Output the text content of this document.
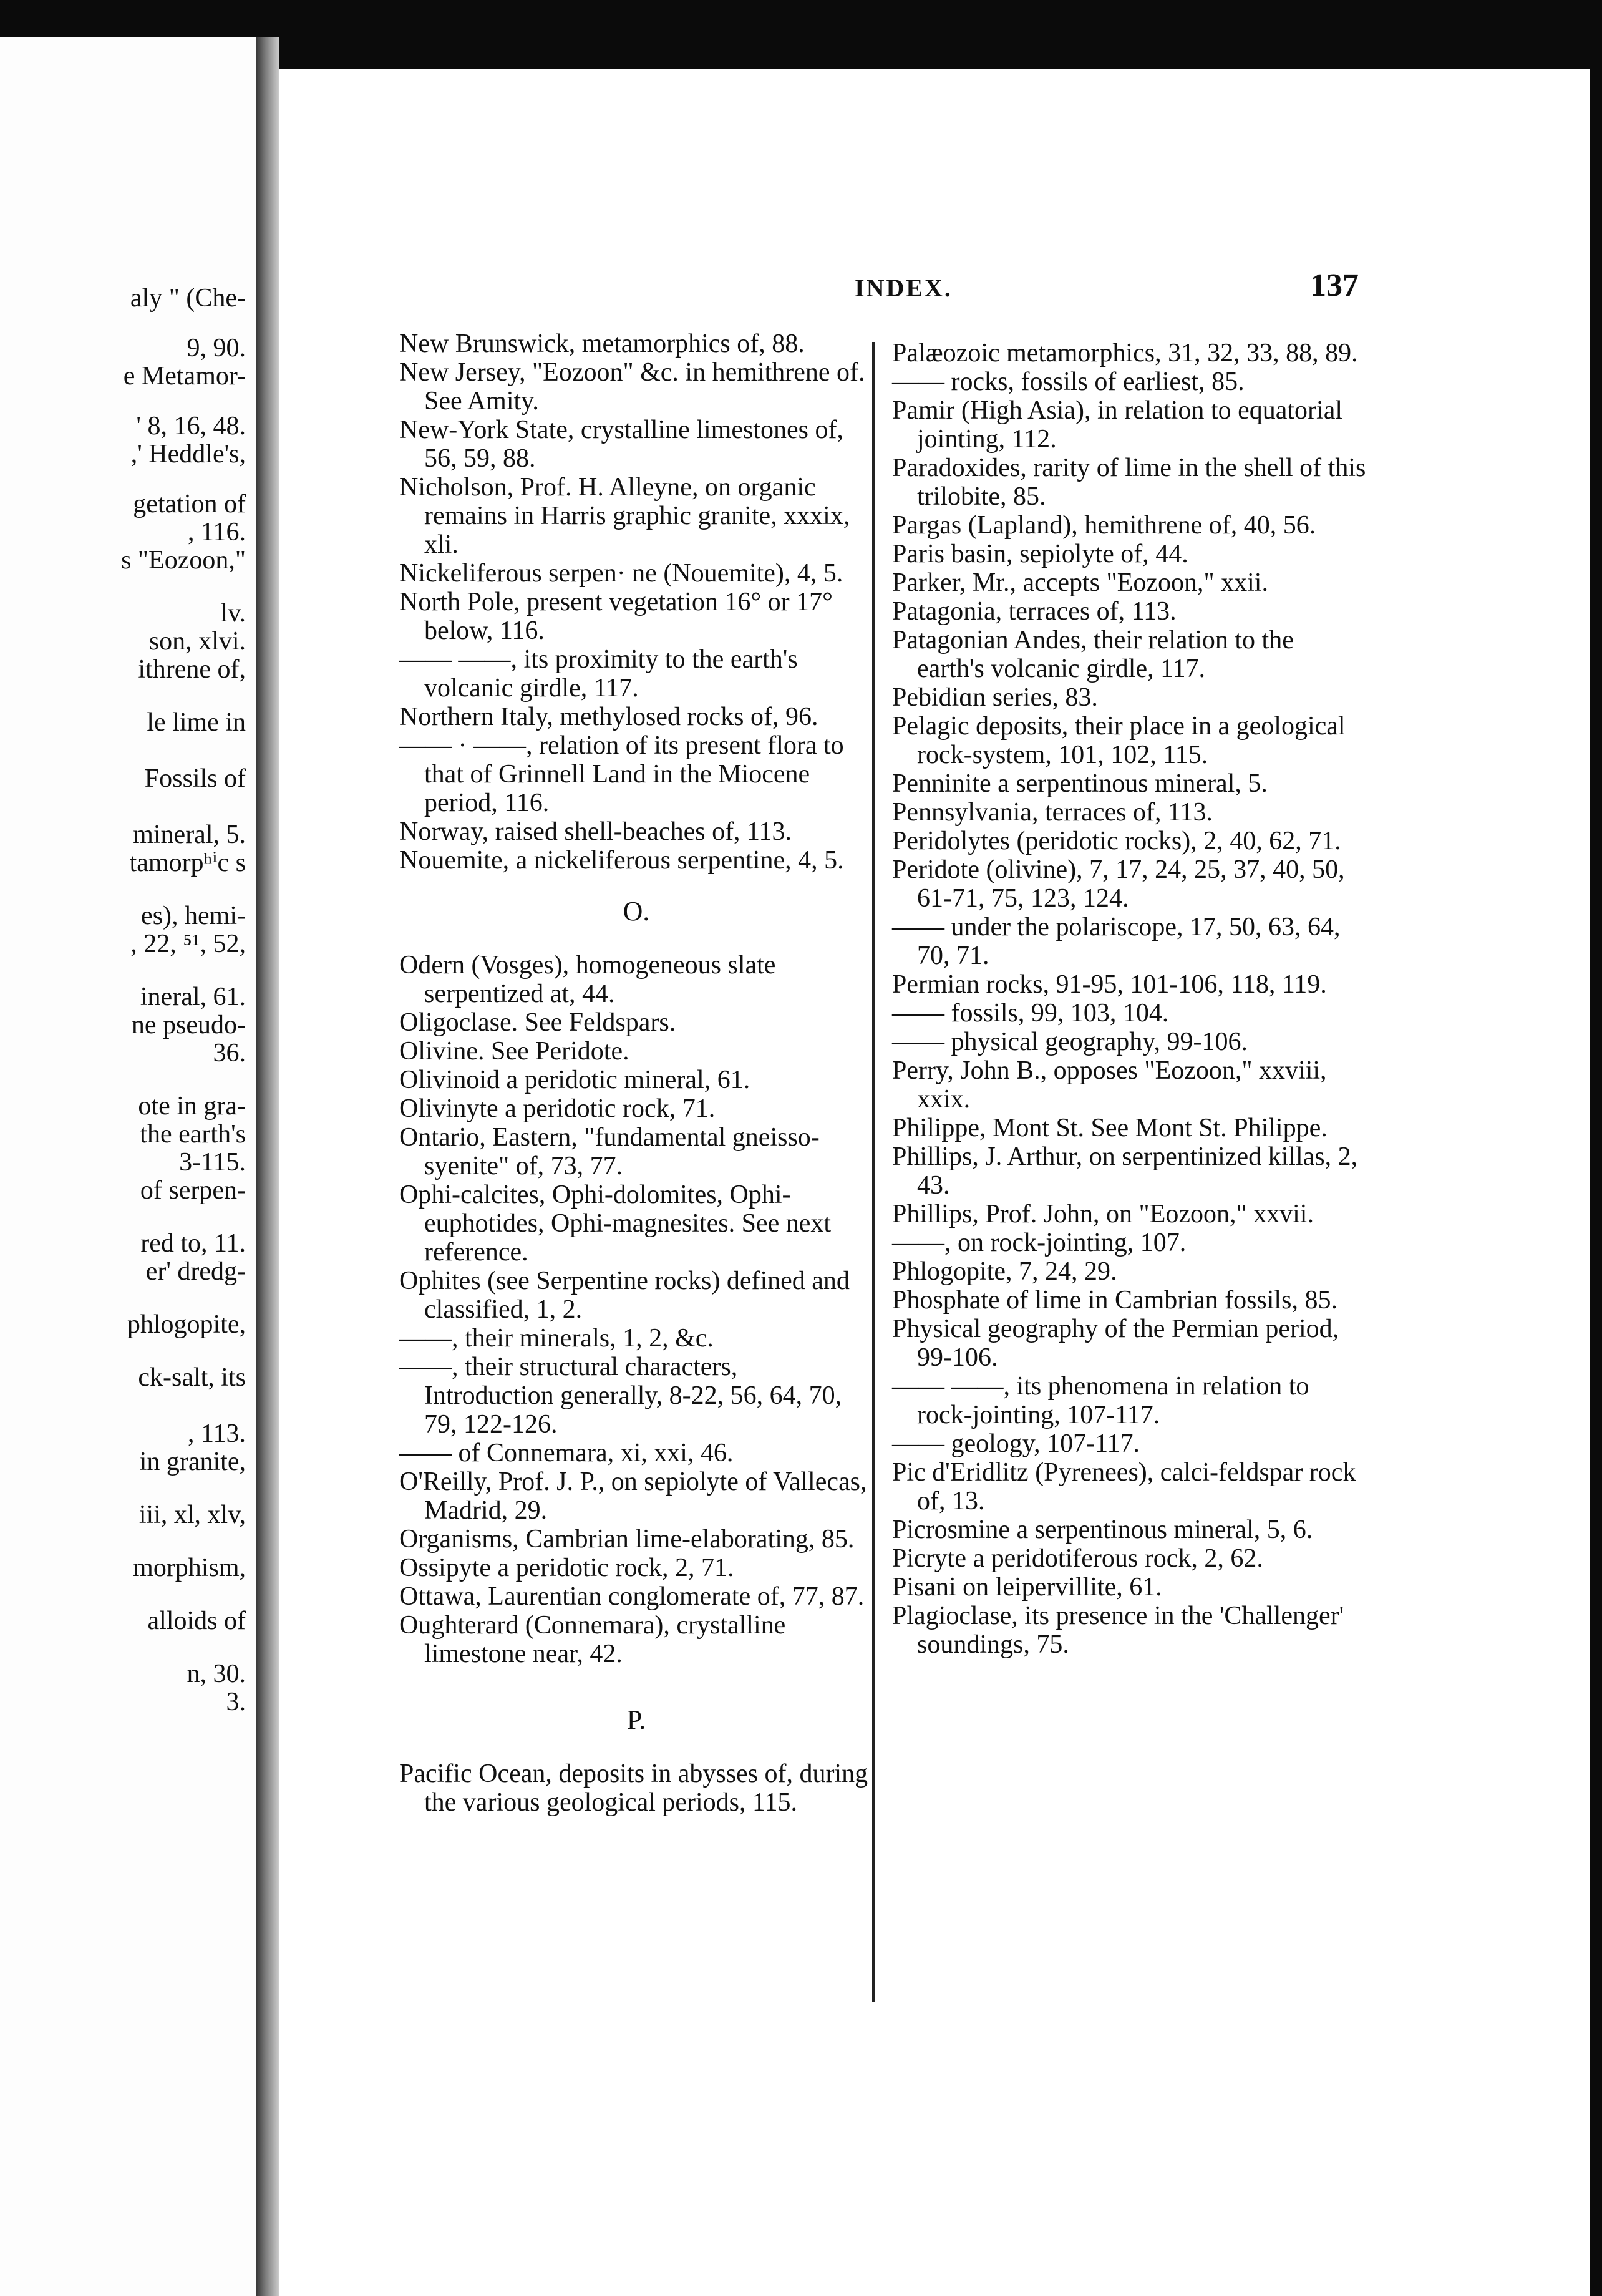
aly " (Che-
9, 90.
e Metamor-
' 8, 16, 48.
,' Heddle's,
getation of
, 116.
s "Eozoon,"
lv.
son, xlvi.
ithrene of,
le lime in
Fossils of
mineral, 5.
tamorpʰⁱc s
es), hemi-
, 22, ⁵¹, 52,
ineral, 61.
ne pseudo-
36.
ote in gra-
the earth's
3-115.
of serpen-
red to, 11.
er' dredg-
phlogopite,
ck-salt, its
, 113.
in granite,
iii, xl, xlv,
morphism,
alloids of
n, 30.
3.
INDEX.	137

New Brunswick, metamorphics of, 88.

New Jersey, "Eozoon" &c. in hemithrene of. See Amity.

New-York State, crystalline limestones of, 56, 59, 88.

Nicholson, Prof. H. Alleyne, on organic remains in Harris graphic granite, xxxix, xli.

Nickeliferous serpen· ne (Nouemite), 4, 5.

North Pole, present vegetation 16° or 17° below, 116.

—— ——, its proximity to the earth's volcanic girdle, 117.

Northern Italy, methylosed rocks of, 96.

—— · ——, relation of its present flora to that of Grinnell Land in the Miocene period, 116.

Norway, raised shell-beaches of, 113.

Nouemite, a nickeliferous serpentine, 4, 5.

O.

Odern (Vosges), homogeneous slate serpentized at, 44.

Oligoclase. See Feldspars.

Olivine. See Peridote.

Olivinoid a peridotic mineral, 61.

Olivinyte a peridotic rock, 71.

Ontario, Eastern, "fundamental gneisso-syenite" of, 73, 77.

Ophi-calcites, Ophi-dolomites, Ophi-euphotides, Ophi-magnesites. See next reference.

Ophites (see Serpentine rocks) defined and classified, 1, 2.

——, their minerals, 1, 2, &c.

——, their structural characters, Introduction generally, 8-22, 56, 64, 70, 79, 122-126.

—— of Connemara, xi, xxi, 46.

O'Reilly, Prof. J. P., on sepiolyte of Vallecas, Madrid, 29.

Organisms, Cambrian lime-elaborating, 85.

Ossipyte a peridotic rock, 2, 71.

Ottawa, Laurentian conglomerate of, 77, 87.

Oughterard (Connemara), crystalline limestone near, 42.

P.

Pacific Ocean, deposits in abysses of, during the various geological periods, 115.

Palæozoic metamorphics, 31, 32, 33, 88, 89.

—— rocks, fossils of earliest, 85.

Pamir (High Asia), in relation to equatorial jointing, 112.

Paradoxides, rarity of lime in the shell of this trilobite, 85.

Pargas (Lapland), hemithrene of, 40, 56.

Paris basin, sepiolyte of, 44.

Parker, Mr., accepts "Eozoon," xxii.

Patagonia, terraces of, 113.

Patagonian Andes, their relation to the earth's volcanic girdle, 117.

Pebidiɑn series, 83.

Pelagic deposits, their place in a geological rock-system, 101, 102, 115.

Penninite a serpentinous mineral, 5.

Pennsylvania, terraces of, 113.

Peridolytes (peridotic rocks), 2, 40, 62, 71.

Peridote (olivine), 7, 17, 24, 25, 37, 40, 50, 61-71, 75, 123, 124.

—— under the polariscope, 17, 50, 63, 64, 70, 71.

Permian rocks, 91-95, 101-106, 118, 119.

—— fossils, 99, 103, 104.

—— physical geography, 99-106.

Perry, John B., opposes "Eozoon," xxviii, xxix.

Philippe, Mont St. See Mont St. Philippe.

Phillips, J. Arthur, on serpentinized killas, 2, 43.

Phillips, Prof. John, on "Eozoon," xxvii.

——, on rock-jointing, 107.

Phlogopite, 7, 24, 29.

Phosphate of lime in Cambrian fossils, 85.

Physical geography of the Permian period, 99-106.

—— ——, its phenomena in relation to rock-jointing, 107-117.

—— geology, 107-117.

Pic d'Eridlitz (Pyrenees), calci-feldspar rock of, 13.

Picrosmine a serpentinous mineral, 5, 6.

Picryte a peridotiferous rock, 2, 62.

Pisani on leipervillite, 61.

Plagioclase, its presence in the 'Challenger' soundings, 75.
